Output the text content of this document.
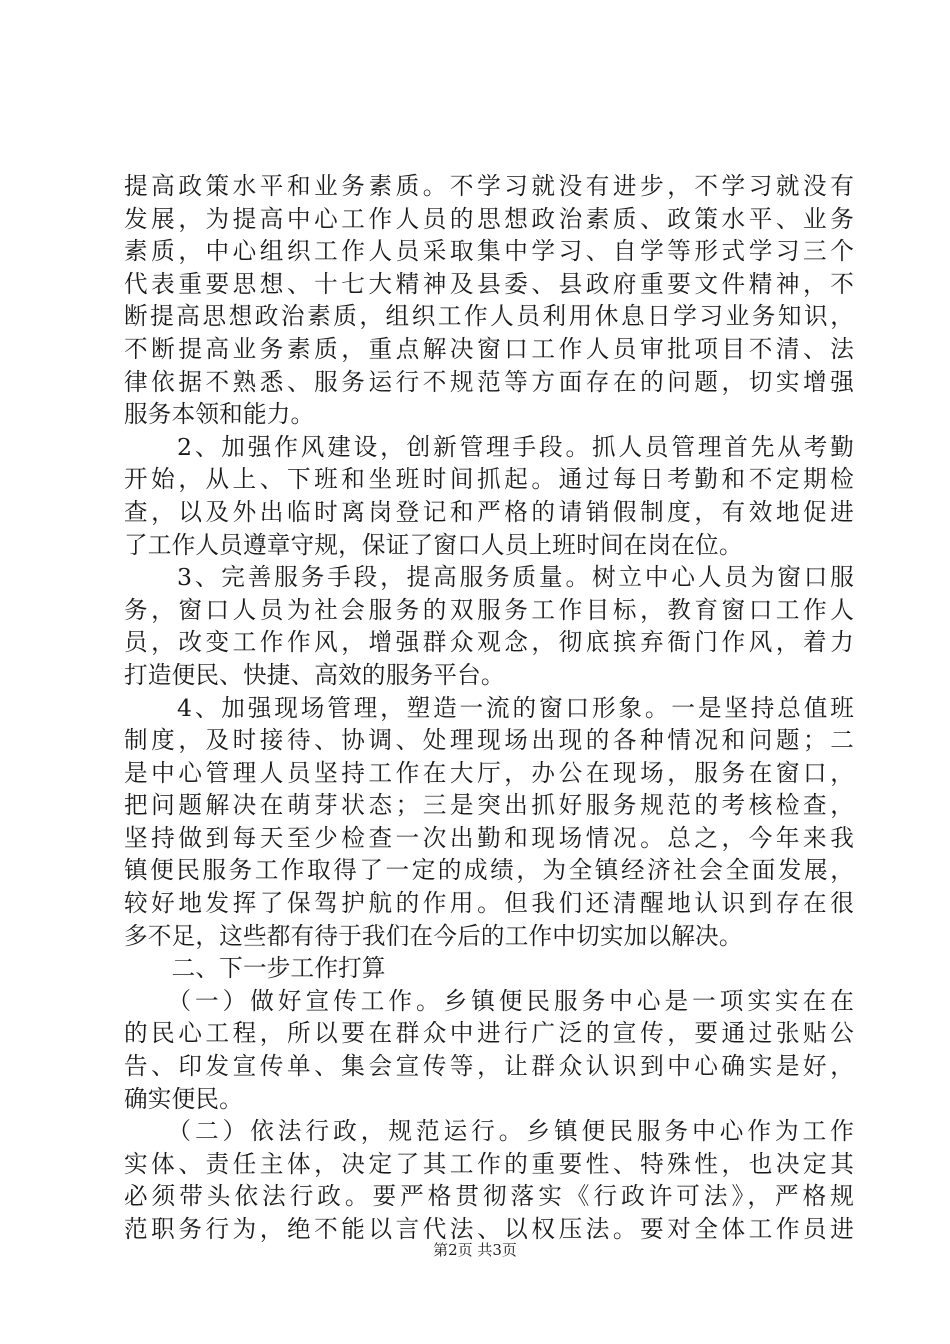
提高政策水平和业务素质。不学习就没有进步，不学习就没有
发展，为提高中心工作人员的思想政治素质、政策水平、业务
素质，中心组织工作人员采取集中学习、自学等形式学习三个
代表重要思想、十七大精神及县委、县政府重要文件精神，不
断提高思想政治素质，组织工作人员利用休息日学习业务知识，
不断提高业务素质，重点解决窗口工作人员审批项目不清、法
律依据不熟悉、服务运行不规范等方面存在的问题，切实增强
服务本领和能力。
　　2、加强作风建设，创新管理手段。抓人员管理首先从考勤
开始，从上、下班和坐班时间抓起。通过每日考勤和不定期检
查，以及外出临时离岗登记和严格的请销假制度，有效地促进
了工作人员遵章守规，保证了窗口人员上班时间在岗在位。
　　3、完善服务手段，提高服务质量。树立中心人员为窗口服
务，窗口人员为社会服务的双服务工作目标，教育窗口工作人
员，改变工作作风，增强群众观念，彻底摈弃衙门作风，着力
打造便民、快捷、高效的服务平台。
　　4、加强现场管理，塑造一流的窗口形象。一是坚持总值班
制度，及时接待、协调、处理现场出现的各种情况和问题；二
是中心管理人员坚持工作在大厅，办公在现场，服务在窗口，
把问题解决在萌芽状态；三是突出抓好服务规范的考核检查，
坚持做到每天至少检查一次出勤和现场情况。总之，今年来我
镇便民服务工作取得了一定的成绩，为全镇经济社会全面发展，
较好地发挥了保驾护航的作用。但我们还清醒地认识到存在很
多不足，这些都有待于我们在今后的工作中切实加以解决。
　　二、下一步工作打算
　　（一）做好宣传工作。乡镇便民服务中心是一项实实在在
的民心工程，所以要在群众中进行广泛的宣传，要通过张贴公
告、印发宣传单、集会宣传等，让群众认识到中心确实是好，
确实便民。
　　（二）依法行政，规范运行。乡镇便民服务中心作为工作
实体、责任主体，决定了其工作的重要性、特殊性，也决定其
必须带头依法行政。要严格贯彻落实《行政许可法》，严格规
范职务行为，绝不能以言代法、以权压法。要对全体工作员进
第2页 共3页
